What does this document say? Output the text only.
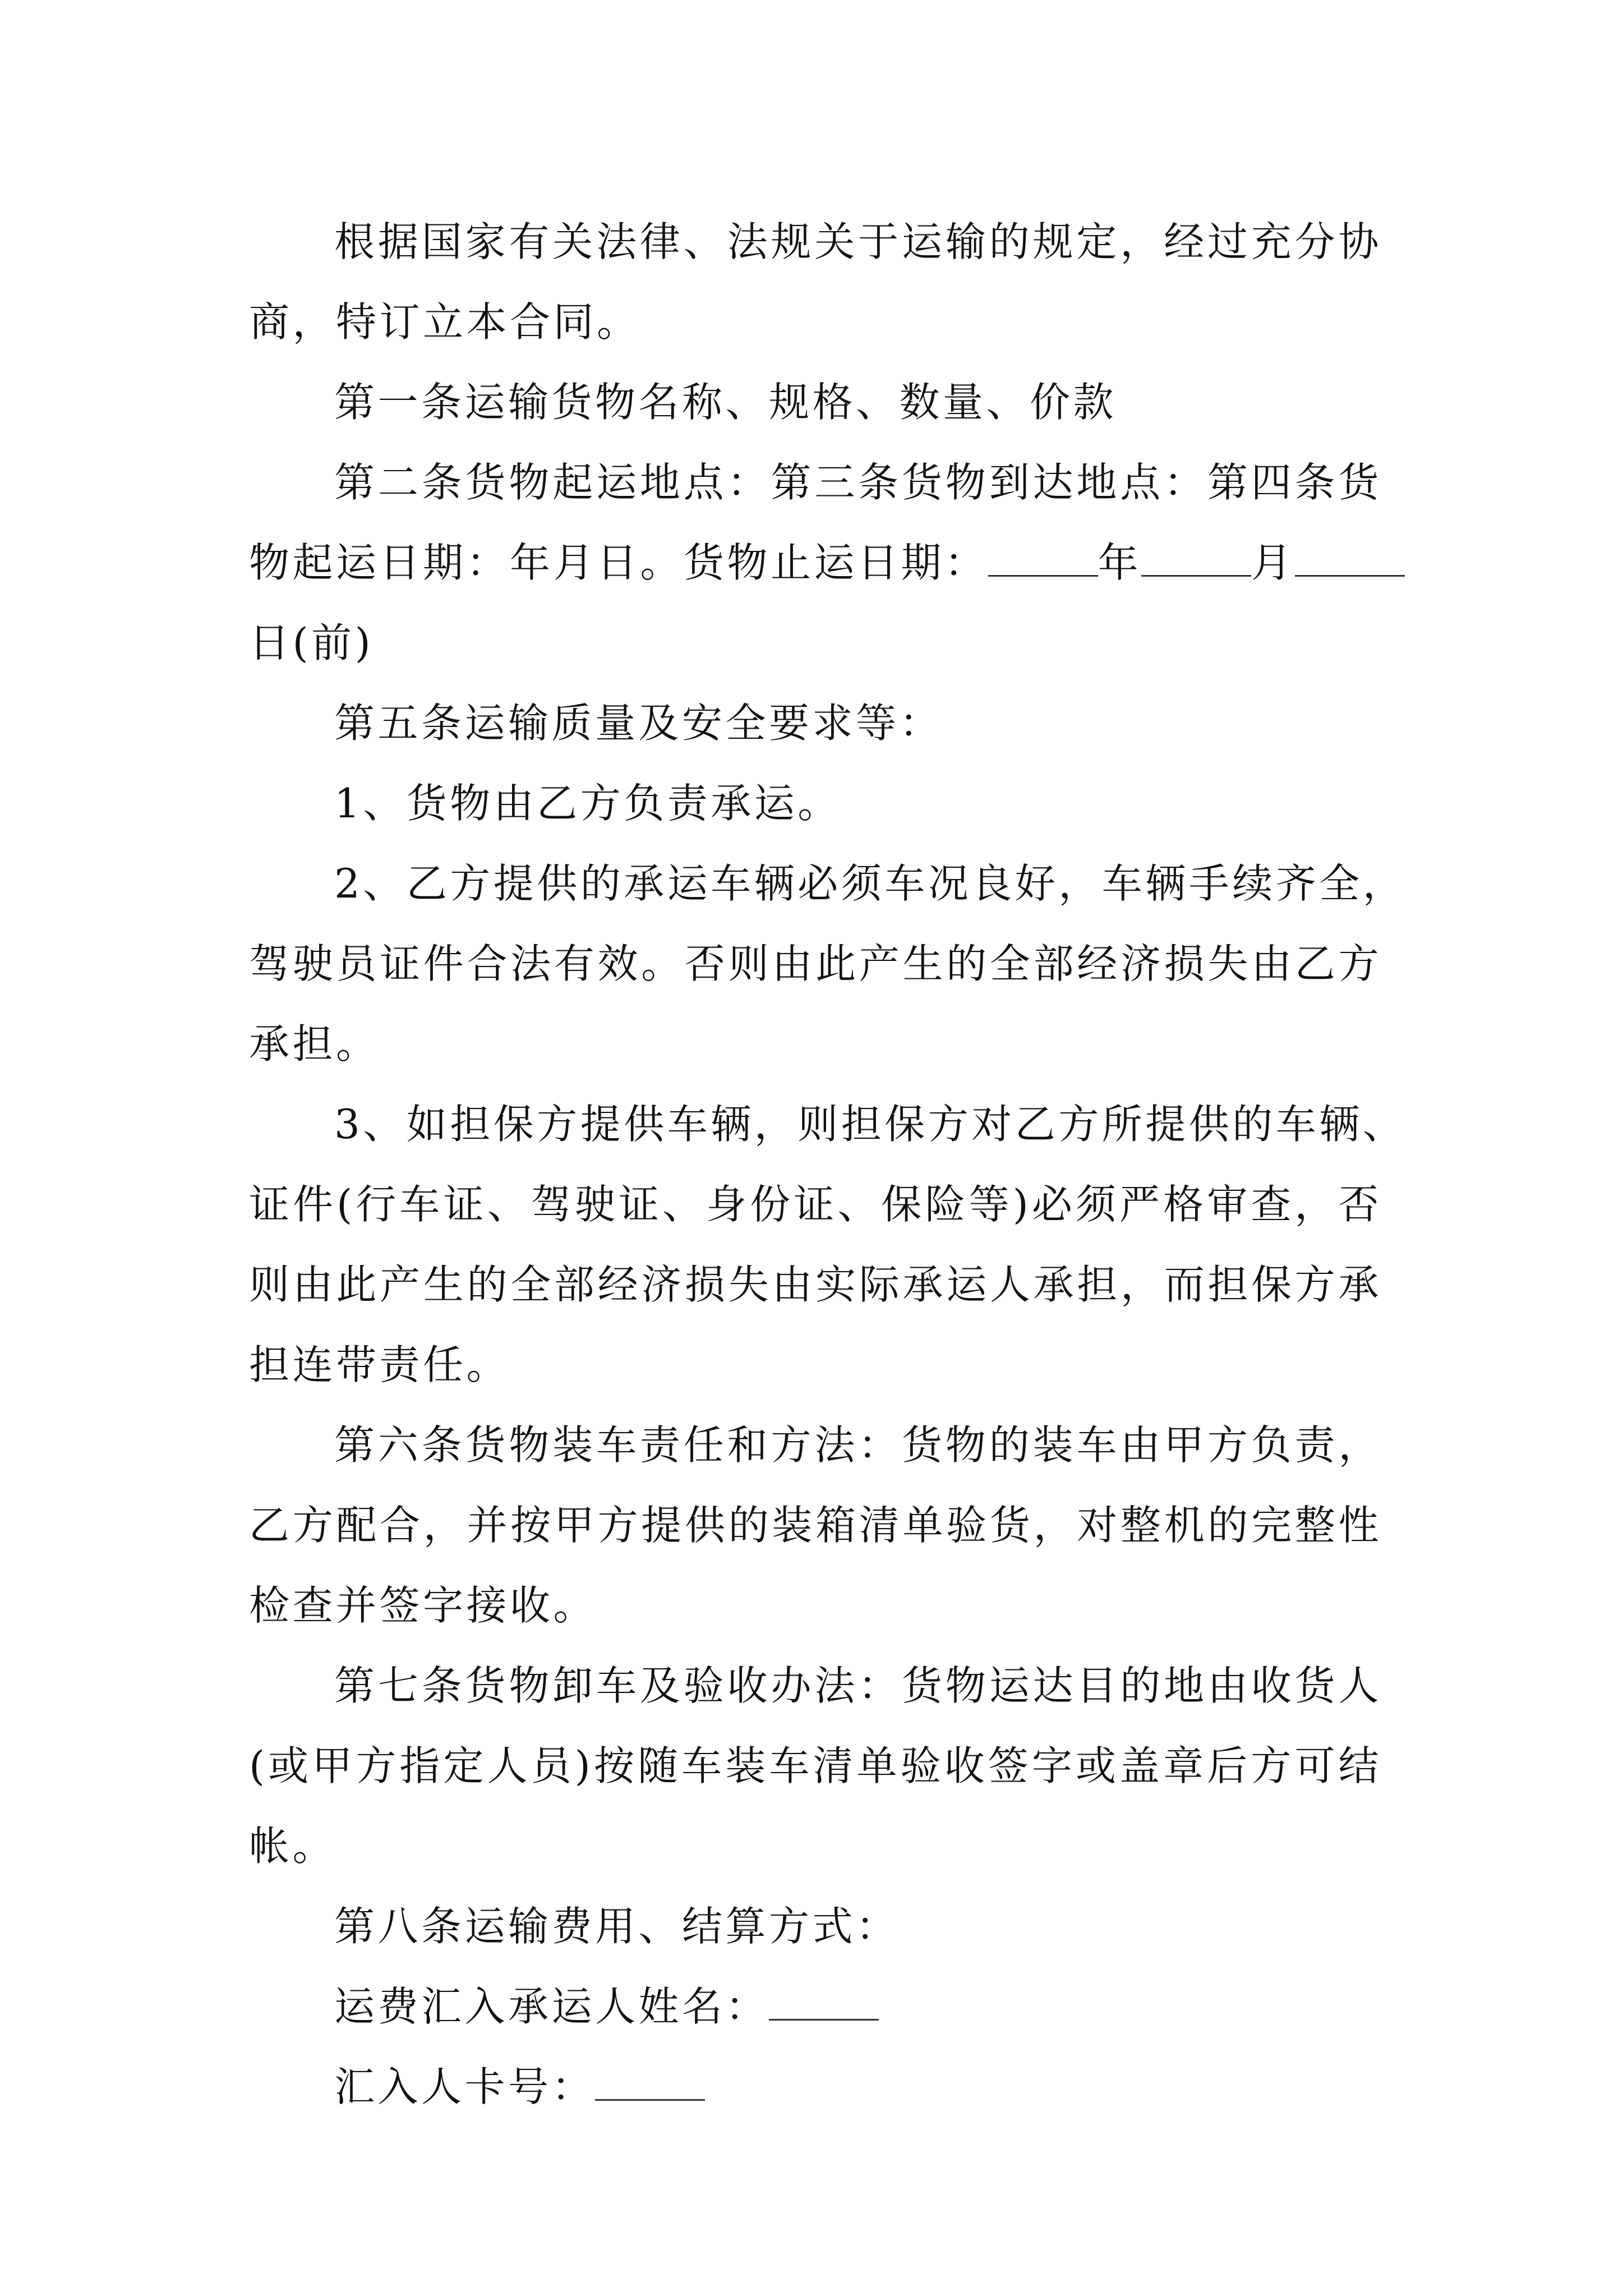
根据国家有关法律、法规关于运输的规定，经过充分协
商，特订立本合同。
第一条运输货物名称、规格、数量、价款
第二条货物起运地点：第三条货物到达地点：第四条货
物起运日期：年月日。货物止运日期：	年	月
日(前)
第五条运输质量及安全要求等：
1、货物由乙方负责承运。
2、乙方提供的承运车辆必须车况良好，车辆手续齐全，
驾驶员证件合法有效。否则由此产生的全部经济损失由乙方
承担。
3、如担保方提供车辆，则担保方对乙方所提供的车辆、
证件(行车证、驾驶证、身份证、保险等)必须严格审查，否
则由此产生的全部经济损失由实际承运人承担，而担保方承
担连带责任。
第六条货物装车责任和方法：货物的装车由甲方负责，
乙方配合，并按甲方提供的装箱清单验货，对整机的完整性
检查并签字接收。
第七条货物卸车及验收办法：货物运达目的地由收货人
(或甲方指定人员)按随车装车清单验收签字或盖章后方可结
帐。
第八条运输费用、结算方式：
运费汇入承运人姓名：
汇入人卡号：
